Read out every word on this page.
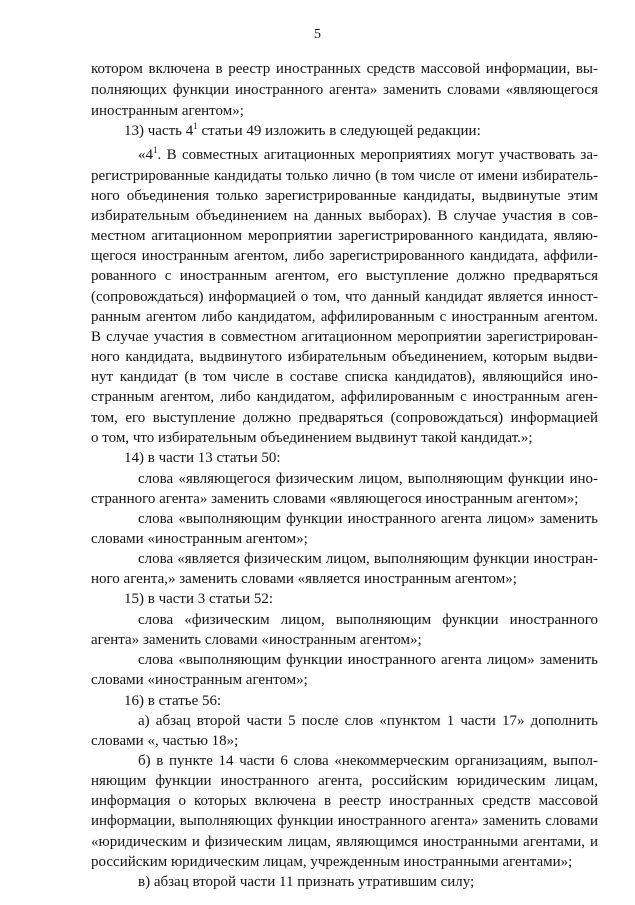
5
котором включена в реестр иностранных средств массовой информации, вы-
полняющих функции иностранного агента» заменить словами «являющегося
иностранным агентом»;
13) часть $4^1$ статьи 49 изложить в следующей редакции:
«$4^1$. В совместных агитационных мероприятиях могут участвовать за-
регистрированные кандидаты только лично (в том числе от имени избиратель-
ного объединения только зарегистрированные кандидаты, выдвинутые этим
избирательным объединением на данных выборах). В случае участия в сов-
местном агитационном мероприятии зарегистрированного кандидата, являю-
щегося иностранным агентом, либо зарегистрированного кандидата, аффили-
рованного с иностранным агентом, его выступление должно предваряться
(сопровождаться) информацией о том, что данный кандидат является инност-
ранным агентом либо кандидатом, аффилированным с иностранным агентом.
В случае участия в совместном агитационном мероприятии зарегистрирован-
ного кандидата, выдвинутого избирательным объединением, которым выдви-
нут кандидат (в том числе в составе списка кандидатов), являющийся ино-
странным агентом, либо кандидатом, аффилированным с иностранным аген-
том, его выступление должно предваряться (сопровождаться) информацией
о том, что избирательным объединением выдвинут такой кандидат.»;
14) в части 13 статьи 50:
слова «являющегося физическим лицом, выполняющим функции ино-
странного агента» заменить словами «являющегося иностранным агентом»;
слова «выполняющим функции иностранного агента лицом» заменить
словами «иностранным агентом»;
слова «является физическим лицом, выполняющим функции иностран-
ного агента,» заменить словами «является иностранным агентом»;
15) в части 3 статьи 52:
слова «физическим лицом, выполняющим функции иностранного
агента» заменить словами «иностранным агентом»;
слова «выполняющим функции иностранного агента лицом» заменить
словами «иностранным агентом»;
16) в статье 56:
а) абзац второй части 5 после слов «пунктом 1 части 17» дополнить
словами «, частью 18»;
б) в пункте 14 части 6 слова «некоммерческим организациям, выпол-
няющим функции иностранного агента, российским юридическим лицам,
информация о которых включена в реестр иностранных средств массовой
информации, выполняющих функции иностранного агента» заменить словами
«юридическим и физическим лицам, являющимся иностранными агентами, и
российским юридическим лицам, учрежденным иностранными агентами»;
в) абзац второй части 11 признать утратившим силу;
